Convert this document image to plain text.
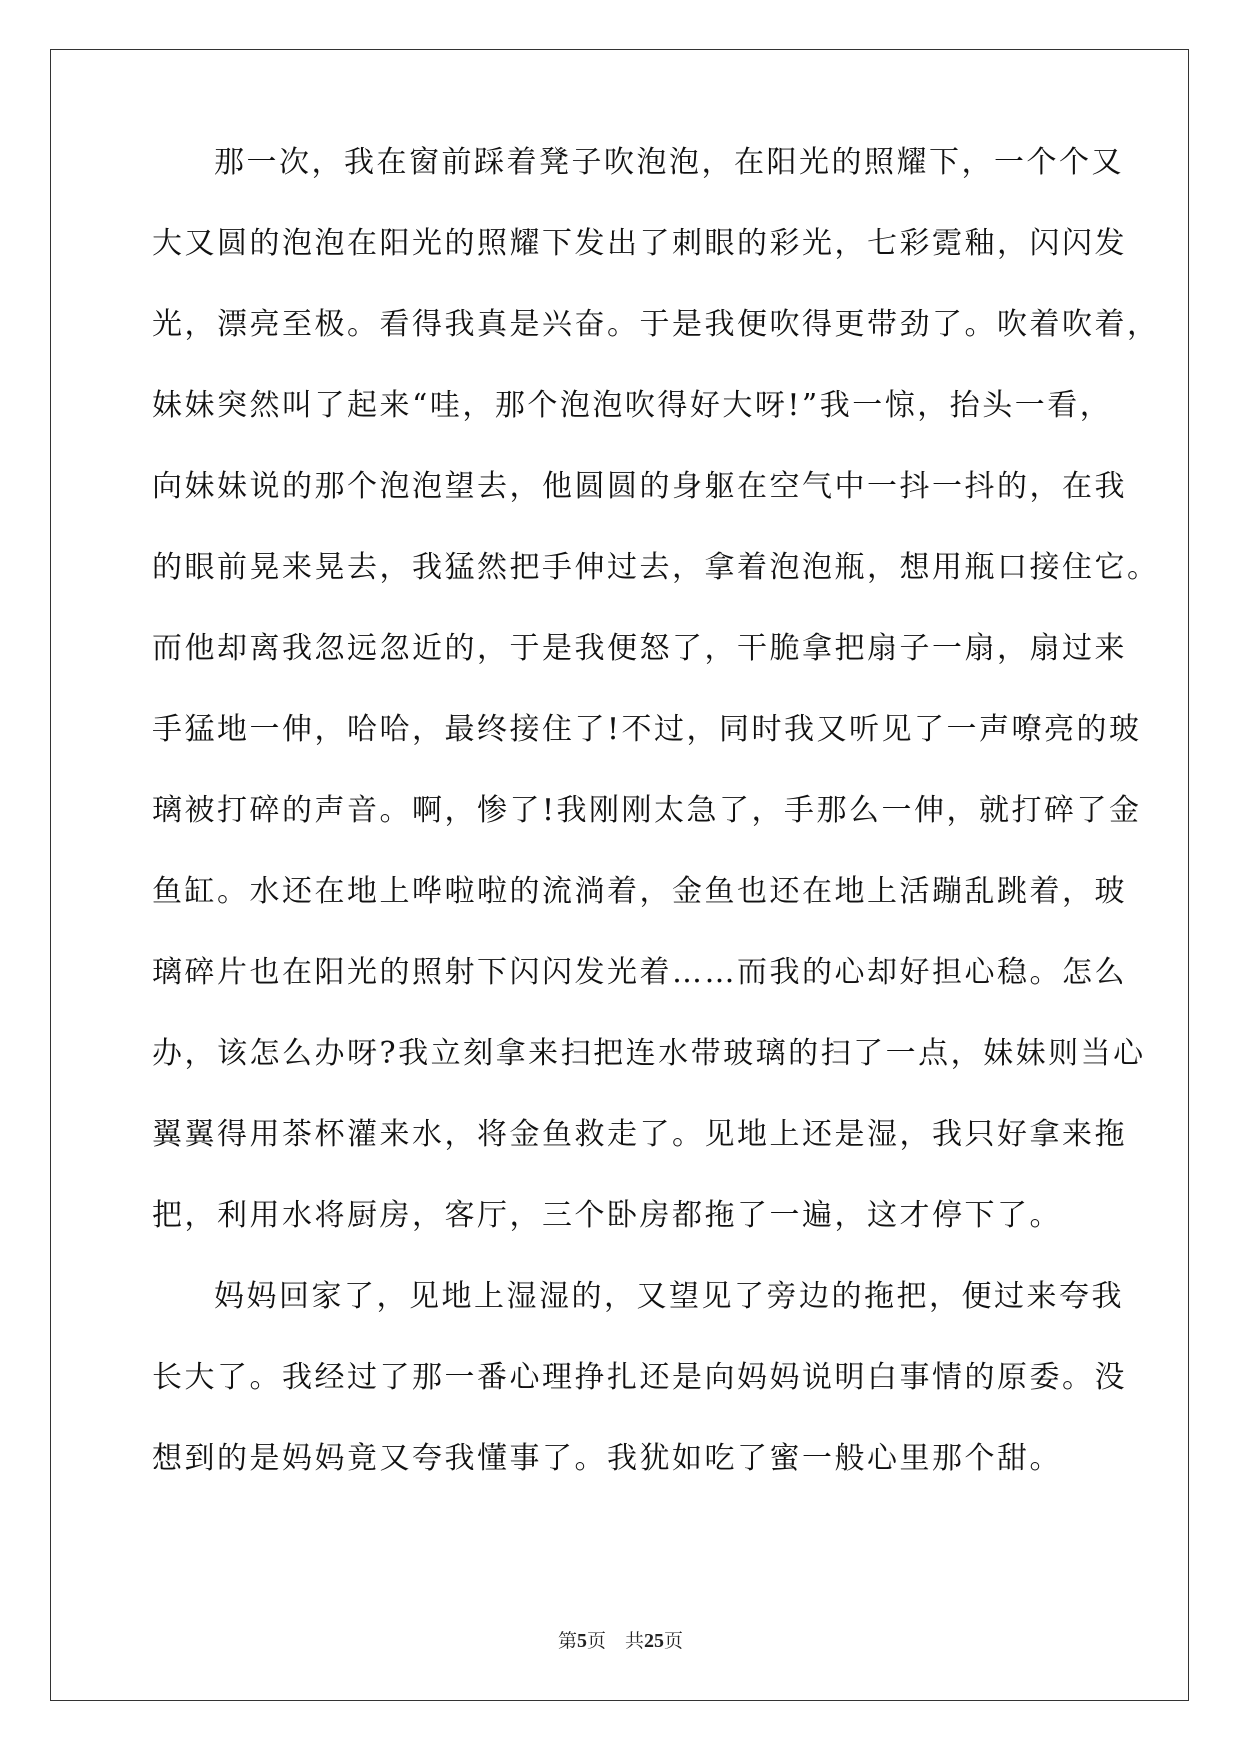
那一次，我在窗前踩着凳子吹泡泡，在阳光的照耀下，一个个又
大又圆的泡泡在阳光的照耀下发出了刺眼的彩光，七彩霓釉，闪闪发
光，漂亮至极。看得我真是兴奋。于是我便吹得更带劲了。吹着吹着，
妹妹突然叫了起来“哇，那个泡泡吹得好大呀!”我一惊，抬头一看，
向妹妹说的那个泡泡望去，他圆圆的身躯在空气中一抖一抖的，在我
的眼前晃来晃去，我猛然把手伸过去，拿着泡泡瓶，想用瓶口接住它。
而他却离我忽远忽近的，于是我便怒了，干脆拿把扇子一扇，扇过来
手猛地一伸，哈哈，最终接住了!不过，同时我又听见了一声嘹亮的玻
璃被打碎的声音。啊，惨了!我刚刚太急了，手那么一伸，就打碎了金
鱼缸。水还在地上哗啦啦的流淌着，金鱼也还在地上活蹦乱跳着，玻
璃碎片也在阳光的照射下闪闪发光着……而我的心却好担心稳。怎么
办，该怎么办呀?我立刻拿来扫把连水带玻璃的扫了一点，妹妹则当心
翼翼得用茶杯灌来水，将金鱼救走了。见地上还是湿，我只好拿来拖
把，利用水将厨房，客厅，三个卧房都拖了一遍，这才停下了。
妈妈回家了，见地上湿湿的，又望见了旁边的拖把，便过来夸我
长大了。我经过了那一番心理挣扎还是向妈妈说明白事情的原委。没
想到的是妈妈竟又夸我懂事了。我犹如吃了蜜一般心里那个甜。
第5页　共25页
